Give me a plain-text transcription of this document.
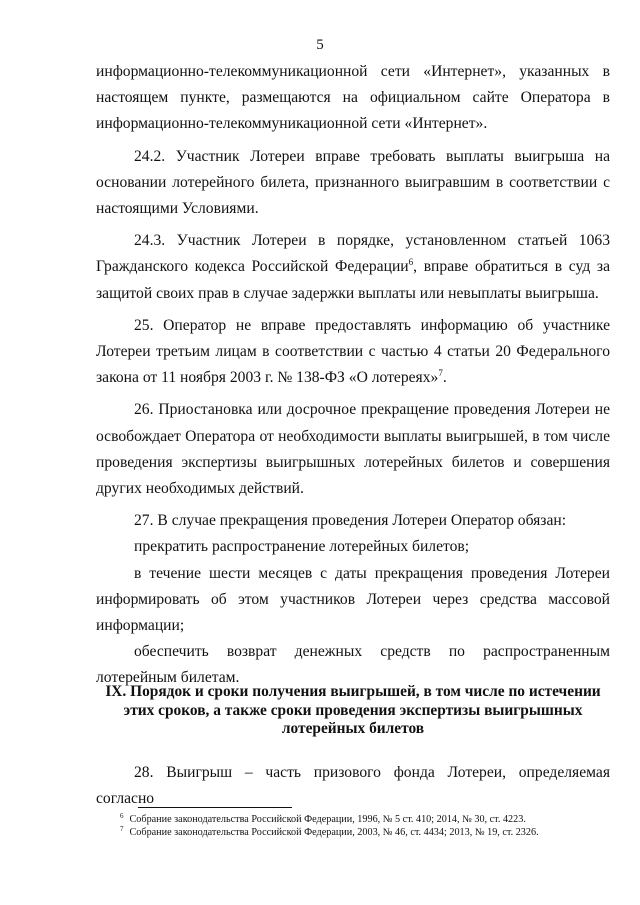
5

информационно-телекоммуникационной сети «Интернет», указанных в настоящем пункте, размещаются на официальном сайте Оператора в информационно-телекоммуникационной сети «Интернет».

24.2. Участник Лотереи вправе требовать выплаты выигрыша на основании лотерейного билета, признанного выигравшим в соответствии с настоящими Условиями.

24.3. Участник Лотереи в порядке, установленном статьей 1063 Гражданского кодекса Российской Федерации$^6$, вправе обратиться в суд за защитой своих прав в случае задержки выплаты или невыплаты выигрыша.

25. Оператор не вправе предоставлять информацию об участнике Лотереи третьим лицам в соответствии с частью 4 статьи 20 Федерального закона от 11 ноября 2003 г. № 138-ФЗ «О лотереях»$^7$.

26. Приостановка или досрочное прекращение проведения Лотереи не освобождает Оператора от необходимости выплаты выигрышей, в том числе проведения экспертизы выигрышных лотерейных билетов и совершения других необходимых действий.

27. В случае прекращения проведения Лотереи Оператор обязан:

прекратить распространение лотерейных билетов;

в течение шести месяцев с даты прекращения проведения Лотереи информировать об этом участников Лотереи через средства массовой информации;

обеспечить возврат денежных средств по распространенным лотерейным билетам.

IX. Порядок и сроки получения выигрышей, в том числе по истечении
этих сроков, а также сроки проведения экспертизы выигрышных
лотерейных билетов

28. Выигрыш – часть призового фонда Лотереи, определяемая согласно

$^6$ Собрание законодательства Российской Федерации, 1996, № 5 ст. 410; 2014, № 30, ст. 4223.
$^7$ Собрание законодательства Российской Федерации, 2003, № 46, ст. 4434; 2013, № 19, ст. 2326.
